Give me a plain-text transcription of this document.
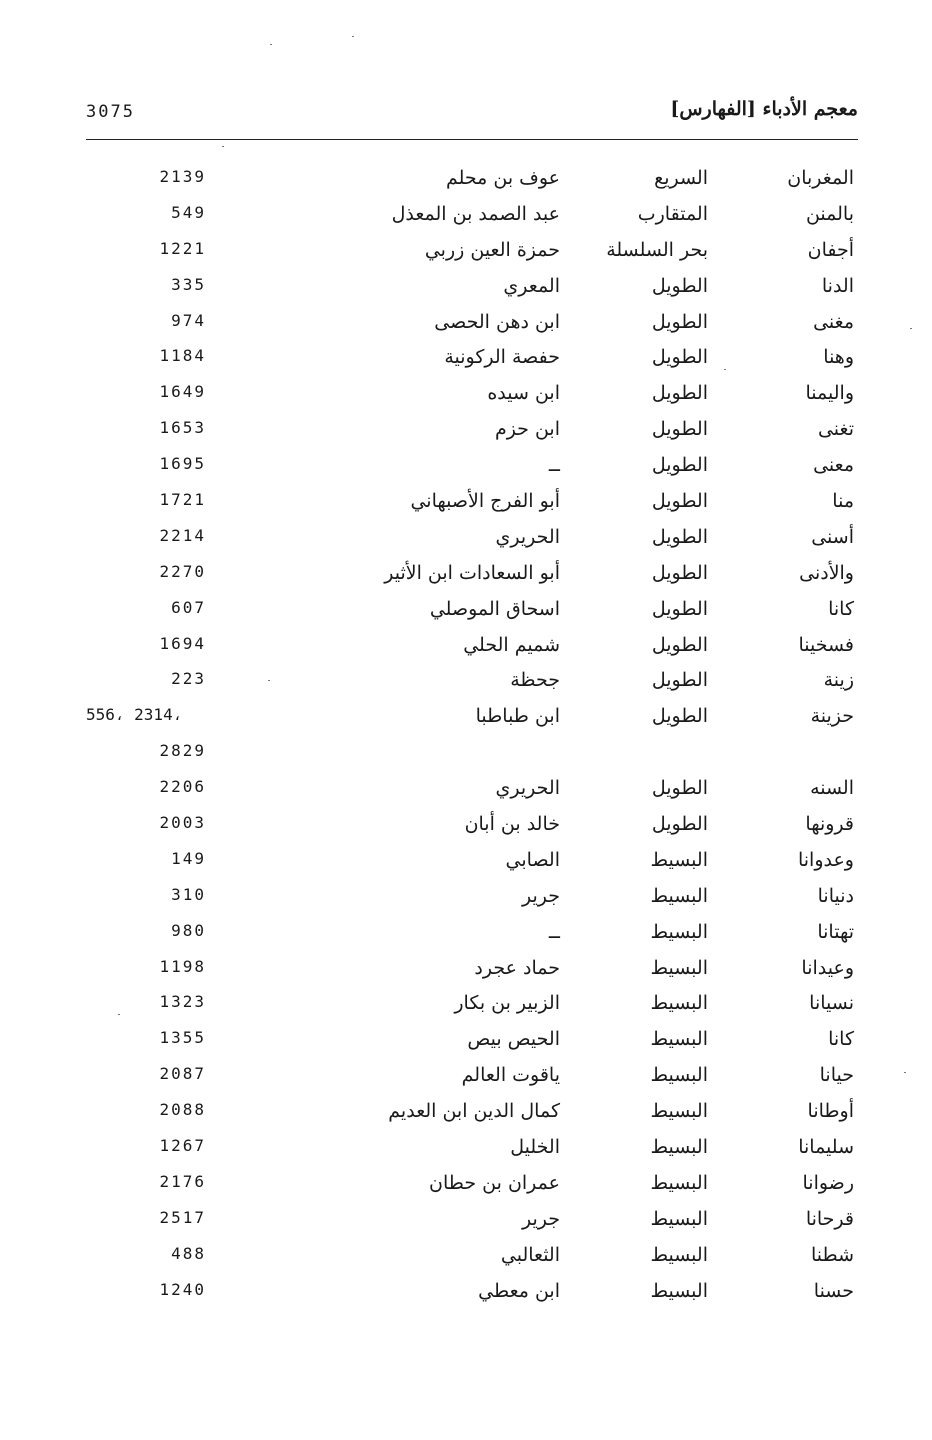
3075	معجم الأدباء [الفهارس]
المغربان
السريع
عوف بن محلم
2139
بالمنن
المتقارب
عبد الصمد بن المعذل
549
أجفان
بحر السلسلة
حمزة العين زربي
1221
الدنا
الطويل
المعري
335
مغنى
الطويل
ابن دهن الحصى
974
وهنا
الطويل
حفصة الركونية
1184
واليمنا
الطويل
ابن سيده
1649
تغنى
الطويل
ابن حزم
1653
معنى
الطويل
ــ
1695
منا
الطويل
أبو الفرج الأصبهاني
1721
أسنى
الطويل
الحريري
2214
والأدنى
الطويل
أبو السعادات ابن الأثير
2270
كانا
الطويل
اسحاق الموصلي
607
فسخينا
الطويل
شميم الحلي
1694
زينة
الطويل
جحظة
223
حزينة
الطويل
ابن طباطبا
556، 2314،
2829
السنه
الطويل
الحريري
2206
قرونها
الطويل
خالد بن أبان
2003
وعدوانا
البسيط
الصابي
149
دنيانا
البسيط
جرير
310
تهتانا
البسيط
ــ
980
وعيدانا
البسيط
حماد عجرد
1198
نسيانا
البسيط
الزبير بن بكار
1323
كانا
البسيط
الحيص بيص
1355
حيانا
البسيط
ياقوت العالم
2087
أوطانا
البسيط
كمال الدين ابن العديم
2088
سليمانا
البسيط
الخليل
1267
رضوانا
البسيط
عمران بن حطان
2176
قرحانا
البسيط
جرير
2517
شطنا
البسيط
الثعالبي
488
حسنا
البسيط
ابن معطي
1240
